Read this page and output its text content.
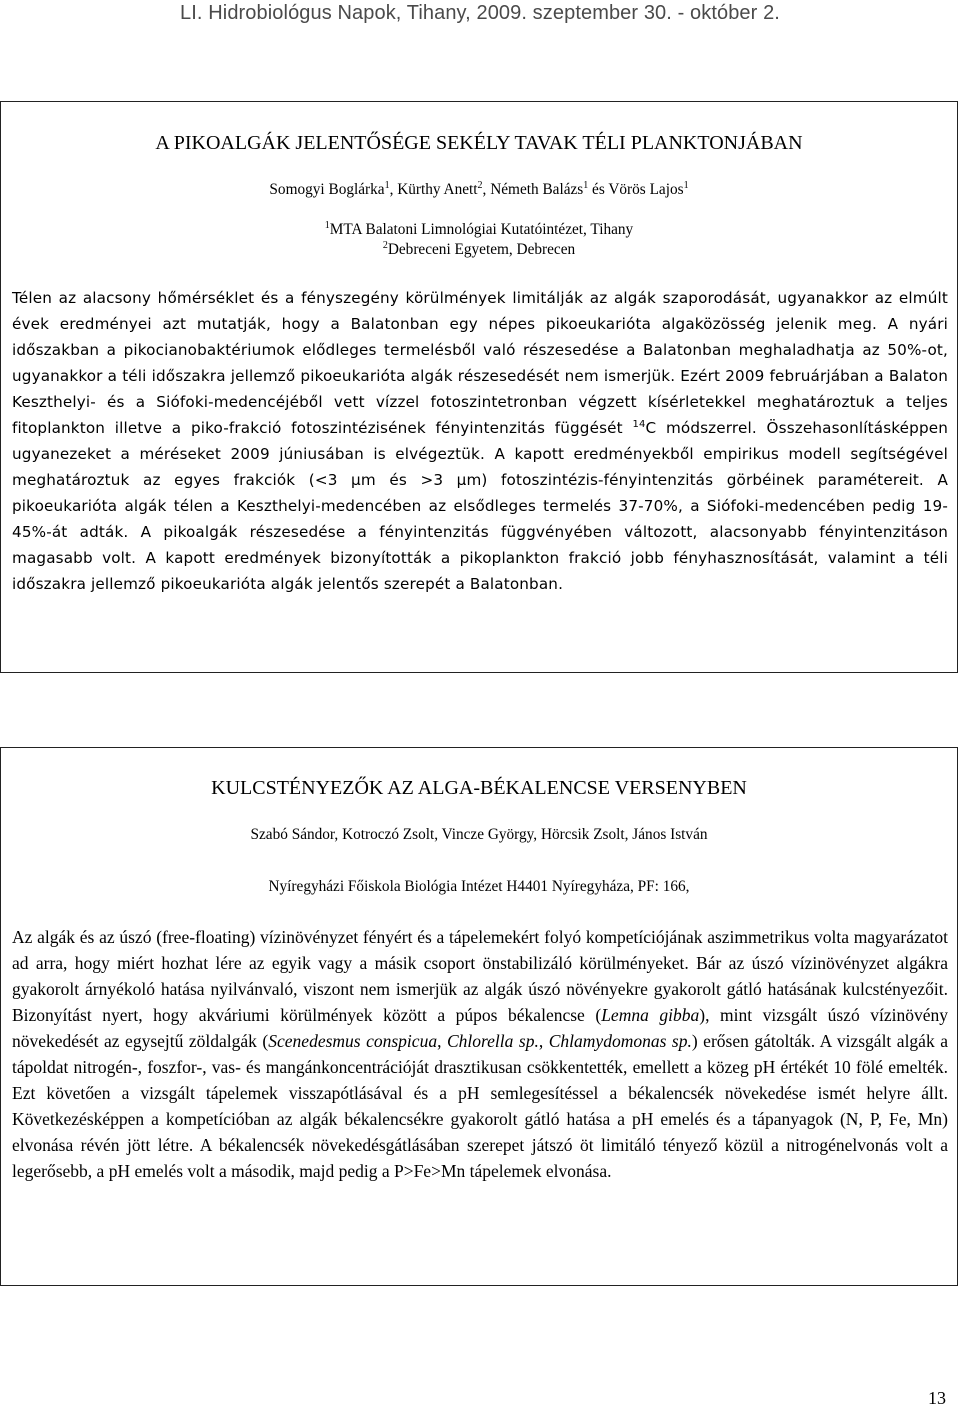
LI. Hidrobiológus Napok, Tihany, 2009. szeptember 30. - október 2.
A PIKOALGÁK JELENTŐSÉGE SEKÉLY TAVAK TÉLI PLANKTONJÁBAN
Somogyi Boglárka$^1$, Kürthy Anett$^2$, Németh Balázs$^1$ és Vörös Lajos$^1$
$^1$MTA Balatoni Limnológiai Kutatóintézet, Tihany
$^2$Debreceni Egyetem, Debrecen
Télen az alacsony hőmérséklet és a fényszegény körülmények limitálják az algák szaporodását, ugyanakkor az elmúlt évek eredményei azt mutatják, hogy a Balatonban egy népes pikoeukarióta algaközösség jelenik meg. A nyári időszakban a pikocianobaktériumok elődleges termelésből való részesedése a Balatonban meghaladhatja az 50%-ot, ugyanakkor a téli időszakra jellemző pikoeukarióta algák részesedését nem ismerjük. Ezért 2009 februárjában a Balaton Keszthelyi- és a Siófoki-medencéjéből vett vízzel fotoszintetronban végzett kísérletekkel meghatároztuk a teljes fitoplankton illetve a piko-frakció fotoszintézisének fényintenzitás függését $^{14}$C módszerrel. Összehasonlításképpen ugyanezeket a méréseket 2009 júniusában is elvégeztük. A kapott eredményekből empirikus modell segítségével meghatároztuk az egyes frakciók (<3 µm és >3 µm) fotoszintézis-fényintenzitás görbéinek paramétereit. A pikoeukarióta algák télen a Keszthelyi-medencében az elsődleges termelés 37-70%, a Siófoki-medencében pedig 19-45%-át adták. A pikoalgák részesedése a fényintenzitás függvényében változott, alacsonyabb fényintenzitáson magasabb volt. A kapott eredmények bizonyították a pikoplankton frakció jobb fényhasznosítását, valamint a téli időszakra jellemző pikoeukarióta algák jelentős szerepét a Balatonban.
KULCSTÉNYEZŐK AZ ALGA-BÉKALENCSE VERSENYBEN
Szabó Sándor, Kotroczó Zsolt, Vincze György, Hörcsik Zsolt, János István
Nyíregyházi Főiskola Biológia Intézet H4401 Nyíregyháza, PF: 166,
Az algák és az úszó (free-floating) vízinövényzet fényért és a tápelemekért folyó kompetíciójának aszimmetrikus volta magyarázatot ad arra, hogy miért hozhat lére az egyik vagy a másik csoport önstabilizáló körülményeket. Bár az úszó vízinövényzet algákra gyakorolt árnyékoló hatása nyilvánvaló, viszont nem ismerjük az algák úszó növényekre gyakorolt gátló hatásának kulcstényezőit. Bizonyítást nyert, hogy akváriumi körülmények között a púpos békalencse (Lemna gibba), mint vizsgált úszó vízinövény növekedését az egysejtű zöldalgák (Scenedesmus conspicua, Chlorella sp., Chlamydomonas sp.) erősen gátolták. A vizsgált algák a tápoldat nitrogén-, foszfor-, vas- és mangánkoncentrációját drasztikusan csökkentették, emellett a közeg pH értékét 10 fölé emelték. Ezt követően a vizsgált tápelemek visszapótlásával és a pH semlegesítéssel a békalencsék növekedése ismét helyre állt. Következésképpen a kompetícióban az algák békalencsékre gyakorolt gátló hatása a pH emelés és a tápanyagok (N, P, Fe, Mn) elvonása révén jött létre. A békalencsék növekedésgátlásában szerepet játszó öt limitáló tényező közül a nitrogénelvonás volt a legerősebb, a pH emelés volt a második, majd pedig a P>Fe>Mn tápelemek elvonása.
13
